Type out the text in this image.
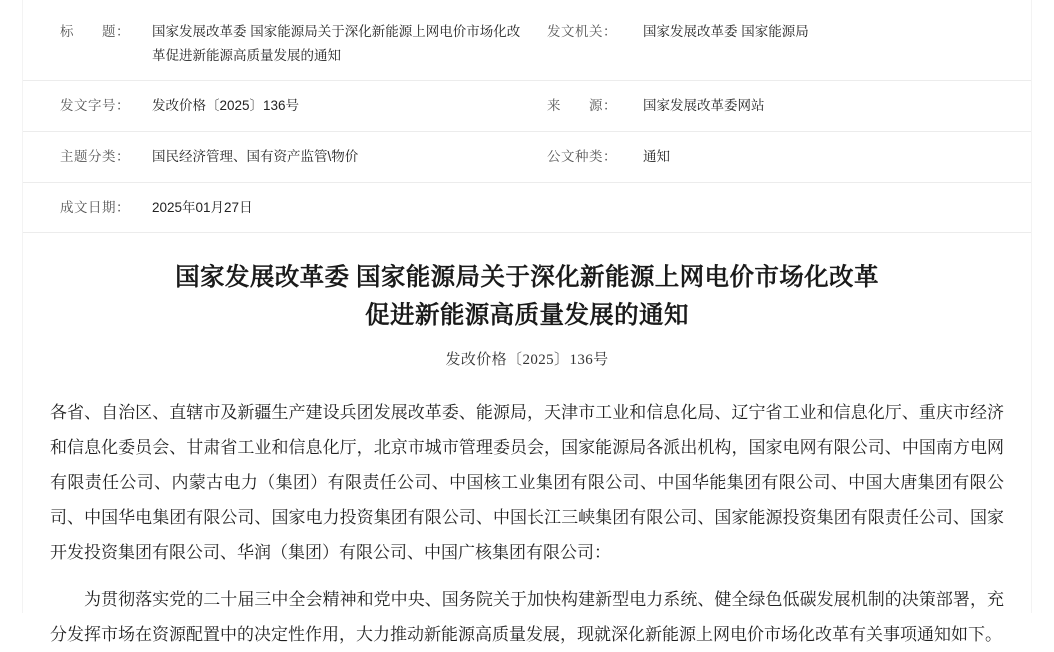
标　　题：	国家发展改革委 国家能源局关于深化新能源上网电价市场化改革促进新能源高质量发展的通知	发文机关：	国家发展改革委 国家能源局
发文字号：	发改价格〔2025〕136号	来　　源：	国家发展改革委网站
主题分类：	国民经济管理、国有资产监管\物价	公文种类：	通知
成文日期：	2025年01月27日		
国家发展改革委 国家能源局关于深化新能源上网电价市场化改革
促进新能源高质量发展的通知
发改价格〔2025〕136号

各省、自治区、直辖市及新疆生产建设兵团发展改革委、能源局，天津市工业和信息化局、辽宁省工业和信息化厅、重庆市经济和信息化委员会、甘肃省工业和信息化厅，北京市城市管理委员会，国家能源局各派出机构，国家电网有限公司、中国南方电网有限责任公司、内蒙古电力（集团）有限责任公司、中国核工业集团有限公司、中国华能集团有限公司、中国大唐集团有限公司、中国华电集团有限公司、国家电力投资集团有限公司、中国长江三峡集团有限公司、国家能源投资集团有限责任公司、国家开发投资集团有限公司、华润（集团）有限公司、中国广核集团有限公司：

为贯彻落实党的二十届三中全会精神和党中央、国务院关于加快构建新型电力系统、健全绿色低碳发展机制的决策部署，充分发挥市场在资源配置中的决定性作用，大力推动新能源高质量发展，现就深化新能源上网电价市场化改革有关事项通知如下。
